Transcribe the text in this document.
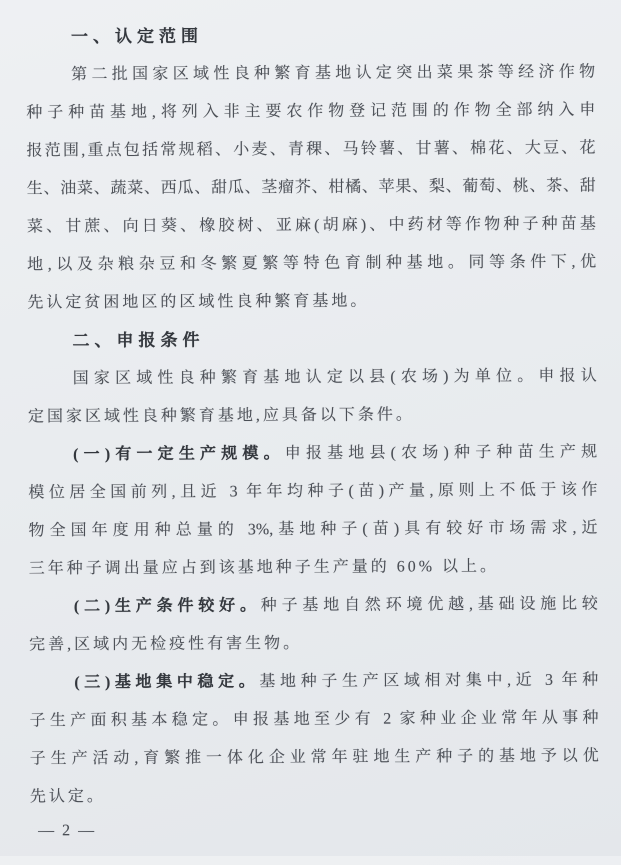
一、认定范围
第二批国家区域性良种繁育基地认定突出菜果茶等经济作物
种子种苗基地,将列入非主要农作物登记范围的作物全部纳入申
报范围,重点包括常规稻、小麦、青稞、马铃薯、甘薯、棉花、大豆、花
生、油菜、蔬菜、西瓜、甜瓜、茎瘤芥、柑橘、苹果、梨、葡萄、桃、茶、甜
菜、甘蔗、向日葵、橡胶树、亚麻(胡麻)、中药材等作物种子种苗基
地,以及杂粮杂豆和冬繁夏繁等特色育制种基地。同等条件下,优
先认定贫困地区的区域性良种繁育基地。
二、申报条件
国家区域性良种繁育基地认定以县(农场)为单位。申报认
定国家区域性良种繁育基地,应具备以下条件。
(一)有一定生产规模。申报基地县(农场)种子种苗生产规
模位居全国前列,且近 3 年年均种子(苗)产量,原则上不低于该作
物全国年度用种总量的 3%,基地种子(苗)具有较好市场需求,近
三年种子调出量应占到该基地种子生产量的 60% 以上。
(二)生产条件较好。种子基地自然环境优越,基础设施比较
完善,区域内无检疫性有害生物。
(三)基地集中稳定。基地种子生产区域相对集中,近 3 年种
子生产面积基本稳定。申报基地至少有 2 家种业企业常年从事种
子生产活动,育繁推一体化企业常年驻地生产种子的基地予以优
先认定。
— 2 —
